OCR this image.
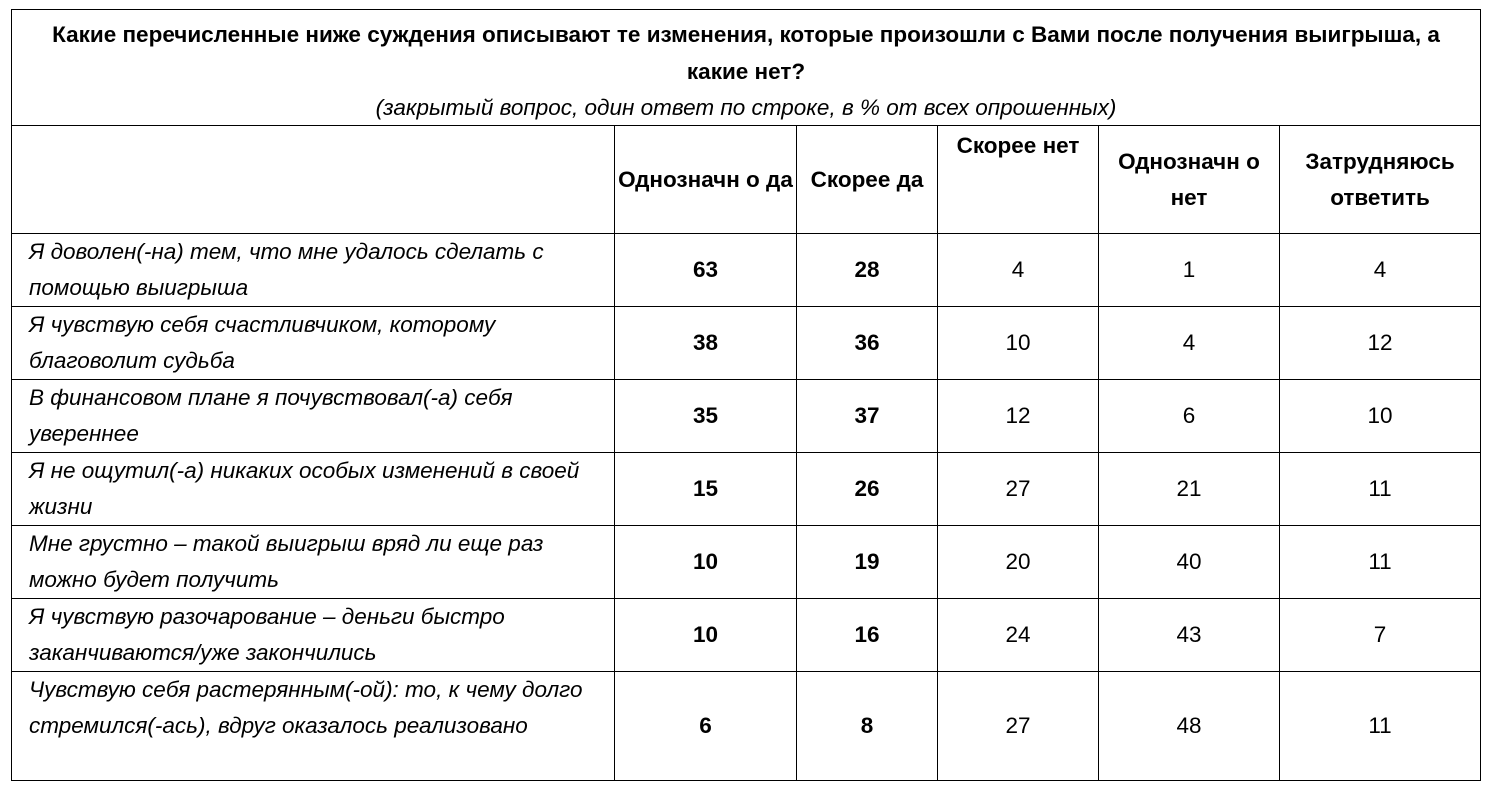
Какие перечисленные ниже суждения описывают те изменения, которые произошли с Вами после получения выигрыша, а какие нет?
(закрытый вопрос, один ответ по строке, в % от всех опрошенных)					

	Однозначн о да	Скорее да	Скорее нет	Однозначн о нет	Затрудняюсь ответить
Я доволен(-на) тем, что мне удалось сделать с помощью выигрыша	63	28	4	1	4
Я чувствую себя счастливчиком, которому благоволит судьба	38	36	10	4	12
В финансовом плане я почувствовал(-а) себя увереннее	35	37	12	6	10
Я не ощутил(-а) никаких особых изменений в своей жизни	15	26	27	21	11
Мне грустно – такой выигрыш вряд ли еще раз можно будет получить	10	19	20	40	11
Я чувствую разочарование – деньги быстро заканчиваются/уже закончились	10	16	24	43	7
Чувствую себя растерянным(-ой): то, к чему долго стремился(-ась), вдруг оказалось реализовано	6	8	27	48	11
